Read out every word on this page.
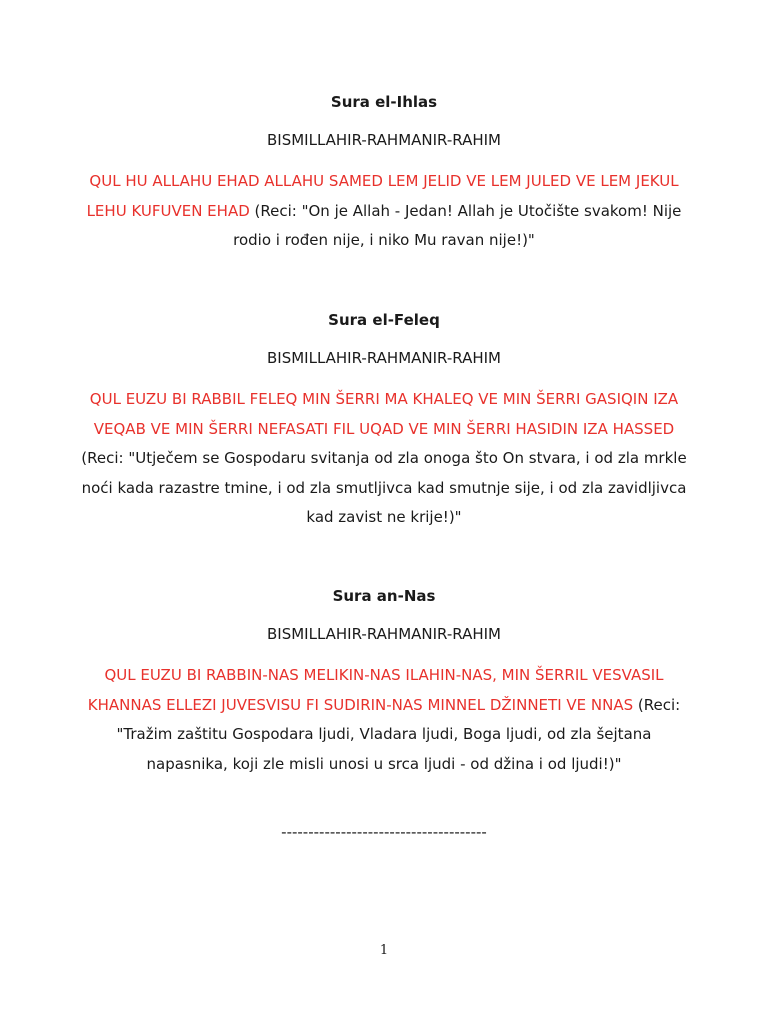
Sura el-Ihlas

BISMILLAHIR-RAHMANIR-RAHIM

QUL HU ALLAHU EHAD ALLAHU SAMED LEM JELID VE LEM JULED VE LEM JEKUL LEHU KUFUVEN EHAD (Reci: "On je Allah - Jedan! Allah je Utočište svakom! Nije rodio i rođen nije, i niko Mu ravan nije!)"

Sura el-Feleq

BISMILLAHIR-RAHMANIR-RAHIM

QUL EUZU BI RABBIL FELEQ MIN ŠERRI MA KHALEQ VE MIN ŠERRI GASIQIN IZA VEQAB VE MIN ŠERRI NEFASATI FIL UQAD VE MIN ŠERRI HASIDIN IZA HASSED (Reci: "Utječem se Gospodaru svitanja od zla onoga što On stvara, i od zla mrkle noći kada razastre tmine, i od zla smutljivca kad smutnje sije, i od zla zavidljivca kad zavist ne krije!)"

Sura an-Nas

BISMILLAHIR-RAHMANIR-RAHIM

QUL EUZU BI RABBIN-NAS MELIKIN-NAS ILAHIN-NAS, MIN ŠERRIL VESVASIL KHANNAS ELLEZI JUVESVISU FI SUDIRIN-NAS MINNEL DŽINNETI VE NNAS (Reci: "Tražim zaštitu Gospodara ljudi, Vladara ljudi, Boga ljudi, od zla šejtana napasnika, koji zle misli unosi u srca ljudi - od džina i od ljudi!)"

--------------------------------------

1
